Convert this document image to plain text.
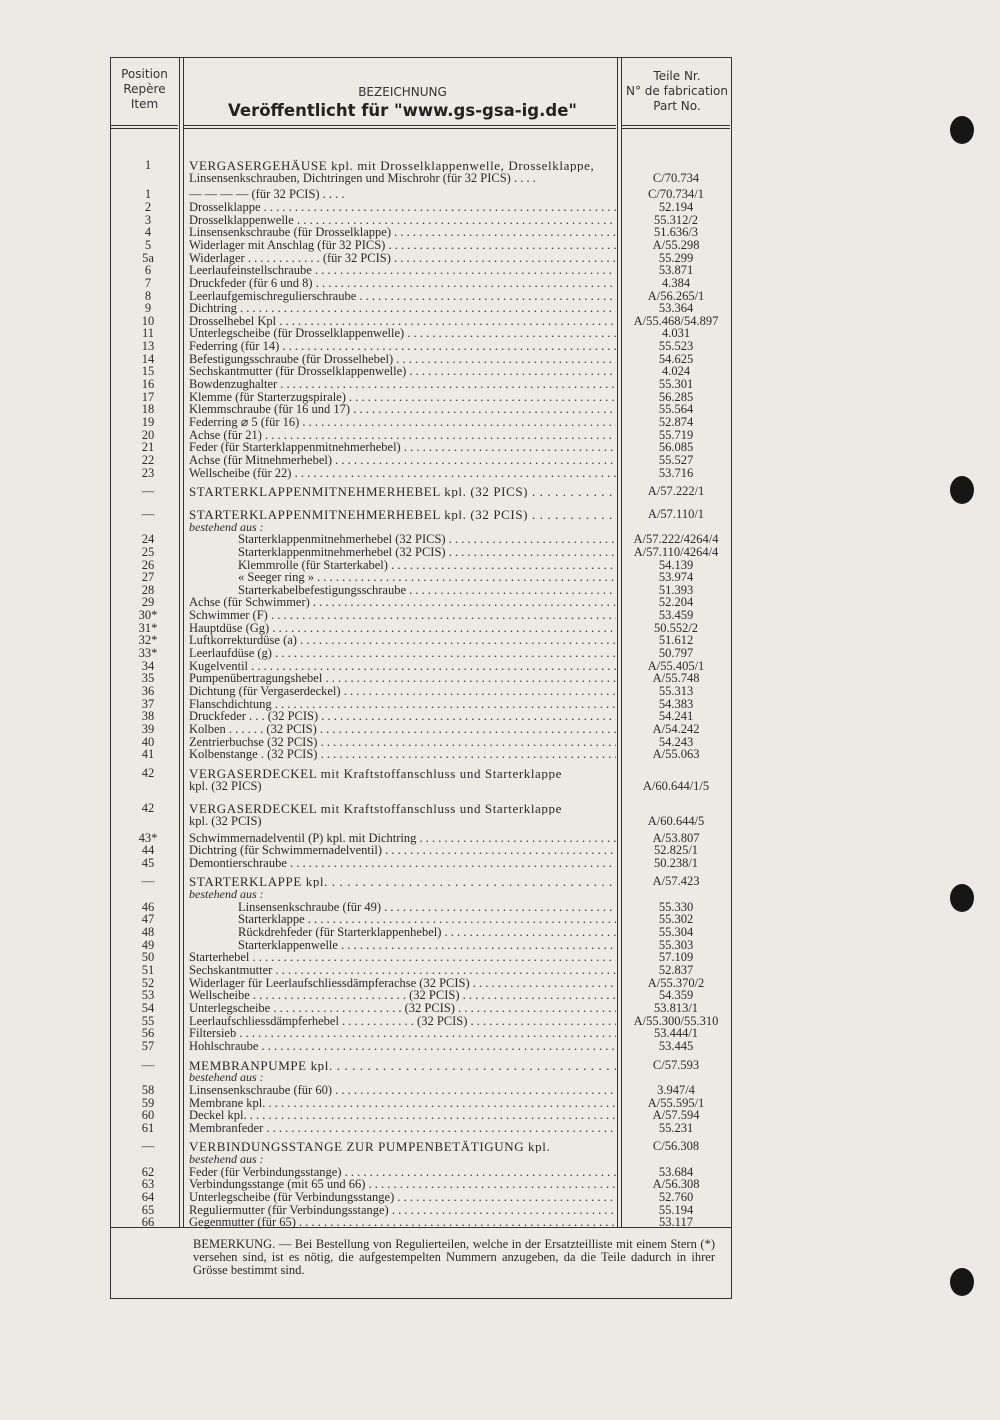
Position
Repère
Item
BEZEICHNUNG
Veröffentlicht für "www.gs-gsa-ig.de"
Teile Nr.
N° de fabrication
Part No.
1	VERGASERGEHÄUSE kpl. mit Drosselklappenwelle, Drosselklappe,
Linsensenkschrauben, Dichtringen und Mischrohr (für 32 PICS) . . . .	C/70.734
1	— — — — (für 32 PCIS) . . . .	C/70.734/1
2	Drosselklappe . . .	52.194
3	Drosselklappenwelle . . .	55.312/2
4	Linsensenkschraube (für Drosselklappe) . . .	51.636/3
5	Widerlager mit Anschlag (für 32 PICS) . . .	A/55.298
5a	Widerlager . . . . . . . . . . . . (für 32 PCIS) . . .	55.299
6	Leerlaufeinstellschraube . . .	53.871
7	Druckfeder (für 6 und 8) . . .	4.384
8	Leerlaufgemischregulierschraube . . .	A/56.265/1
9	Dichtring . . .	53.364
10	Drosselhebel Kpl . . .	A/55.468/54.897
11	Unterlegscheibe (für Drosselklappenwelle) . . .	4.031
13	Federring (für 14) . . .	55.523
14	Befestigungsschraube (für Drosselhebel) . . .	54.625
15	Sechskantmutter (für Drosselklappenwelle) . . .	4.024
16	Bowdenzughalter . . .	55.301
17	Klemme (für Starterzugspirale) . . .	56.285
18	Klemmschraube (für 16 und 17) . . .	55.564
19	Federring ⌀ 5 (für 16) . . .	52.874
20	Achse (für 21) . . .	55.719
21	Feder (für Starterklappenmitnehmerhebel) . . .	56.085
22	Achse (für Mitnehmerhebel) . . .	55.527
23	Wellscheibe (für 22) . . .	53.716
—	STARTERKLAPPENMITNEHMERHEBEL kpl. (32 PICS) . . .	A/57.222/1
—	STARTERKLAPPENMITNEHMERHEBEL kpl. (32 PCIS) . . .	A/57.110/1
bestehend aus :
24	Starterklappenmitnehmerhebel (32 PICS) . . .	A/57.222/4264/4
25	Starterklappenmitnehmerhebel (32 PCIS) . . .	A/57.110/4264/4
26	Klemmrolle (für Starterkabel) . . .	54.139
27	« Seeger ring » . . .	53.974
28	Starterkabelbefestigungsschraube . . .	51.393
29	Achse (für Schwimmer) . . .	52.204
30*	Schwimmer (F) . . .	53.459
31*	Hauptdüse (Gg) . . .	50.552/2
32*	Luftkorrekturdüse (a) . . .	51.612
33*	Leerlaufdüse (g) . . .	50.797
34	Kugelventil . . .	A/55.405/1
35	Pumpenübertragungshebel . . .	A/55.748
36	Dichtung (für Vergaserdeckel) . . .	55.313
37	Flanschdichtung . . .	54.383
38	Druckfeder . . . (32 PCIS) . . .	54.241
39	Kolben . . . . . . (32 PCIS) . . .	A/54.242
40	Zentrierbuchse (32 PCIS) . . .	54.243
41	Kolbenstange . (32 PCIS) . . .	A/55.063
42	VERGASERDECKEL mit Kraftstoffanschluss und Starterklappe
kpl. (32 PICS)	A/60.644/1/5
42	VERGASERDECKEL mit Kraftstoffanschluss und Starterklappe
kpl. (32 PCIS)	A/60.644/5
43*	Schwimmernadelventil (P) kpl. mit Dichtring . . .	A/53.807
44	Dichtring (für Schwimmernadelventil) . . .	52.825/1
45	Demontierschraube . . .	50.238/1
—	STARTERKLAPPE kpl. . . .	A/57.423
bestehend aus :
46	Linsensenkschraube (für 49) . . .	55.330
47	Starterklappe . . .	55.302
48	Rückdrehfeder (für Starterklappenhebel) . . .	55.304
49	Starterklappenwelle . . .	55.303
50	Starterhebel . . .	57.109
51	Sechskantmutter . . .	52.837
52	Widerlager für Leerlaufschliessdämpferachse (32 PCIS) . . .	A/55.370/2
53	Wellscheibe . . . . . . . . . . . . . . . . . . . . . . . . . (32 PCIS) . . .	54.359
54	Unterlegscheibe . . . . . . . . . . . . . . . . . . . . . (32 PCIS) . . .	53.813/1
55	Leerlaufschliessdämpferhebel . . . . . . . . . . . . (32 PCIS) . . .	A/55.300/55.310
56	Filtersieb . . .	53.444/1
57	Hohlschraube . . .	53.445
—	MEMBRANPUMPE kpl. . . .	C/57.593
bestehend aus :
58	Linsensenkschraube (für 60) . . .	3.947/4
59	Membrane kpl. . . .	A/55.595/1
60	Deckel kpl. . . .	A/57.594
61	Membranfeder . . .	55.231
—	VERBINDUNGSSTANGE ZUR PUMPENBETÄTIGUNG kpl.	C/56.308
bestehend aus :
62	Feder (für Verbindungsstange) . . .	53.684
63	Verbindungsstange (mit 65 und 66) . . .	A/56.308
64	Unterlegscheibe (für Verbindungsstange) . . .	52.760
65	Reguliermutter (für Verbindungsstange) . . .	55.194
66	Gegenmutter (für 65) . . .	53.117
BEMERKUNG. — Bei Bestellung von Regulierteilen, welche in der Ersatzteilliste mit einem Stern (*) versehen sind, ist es nötig, die aufgestempelten Nummern anzugeben, da die Teile dadurch in ihrer Grösse bestimmt sind.
